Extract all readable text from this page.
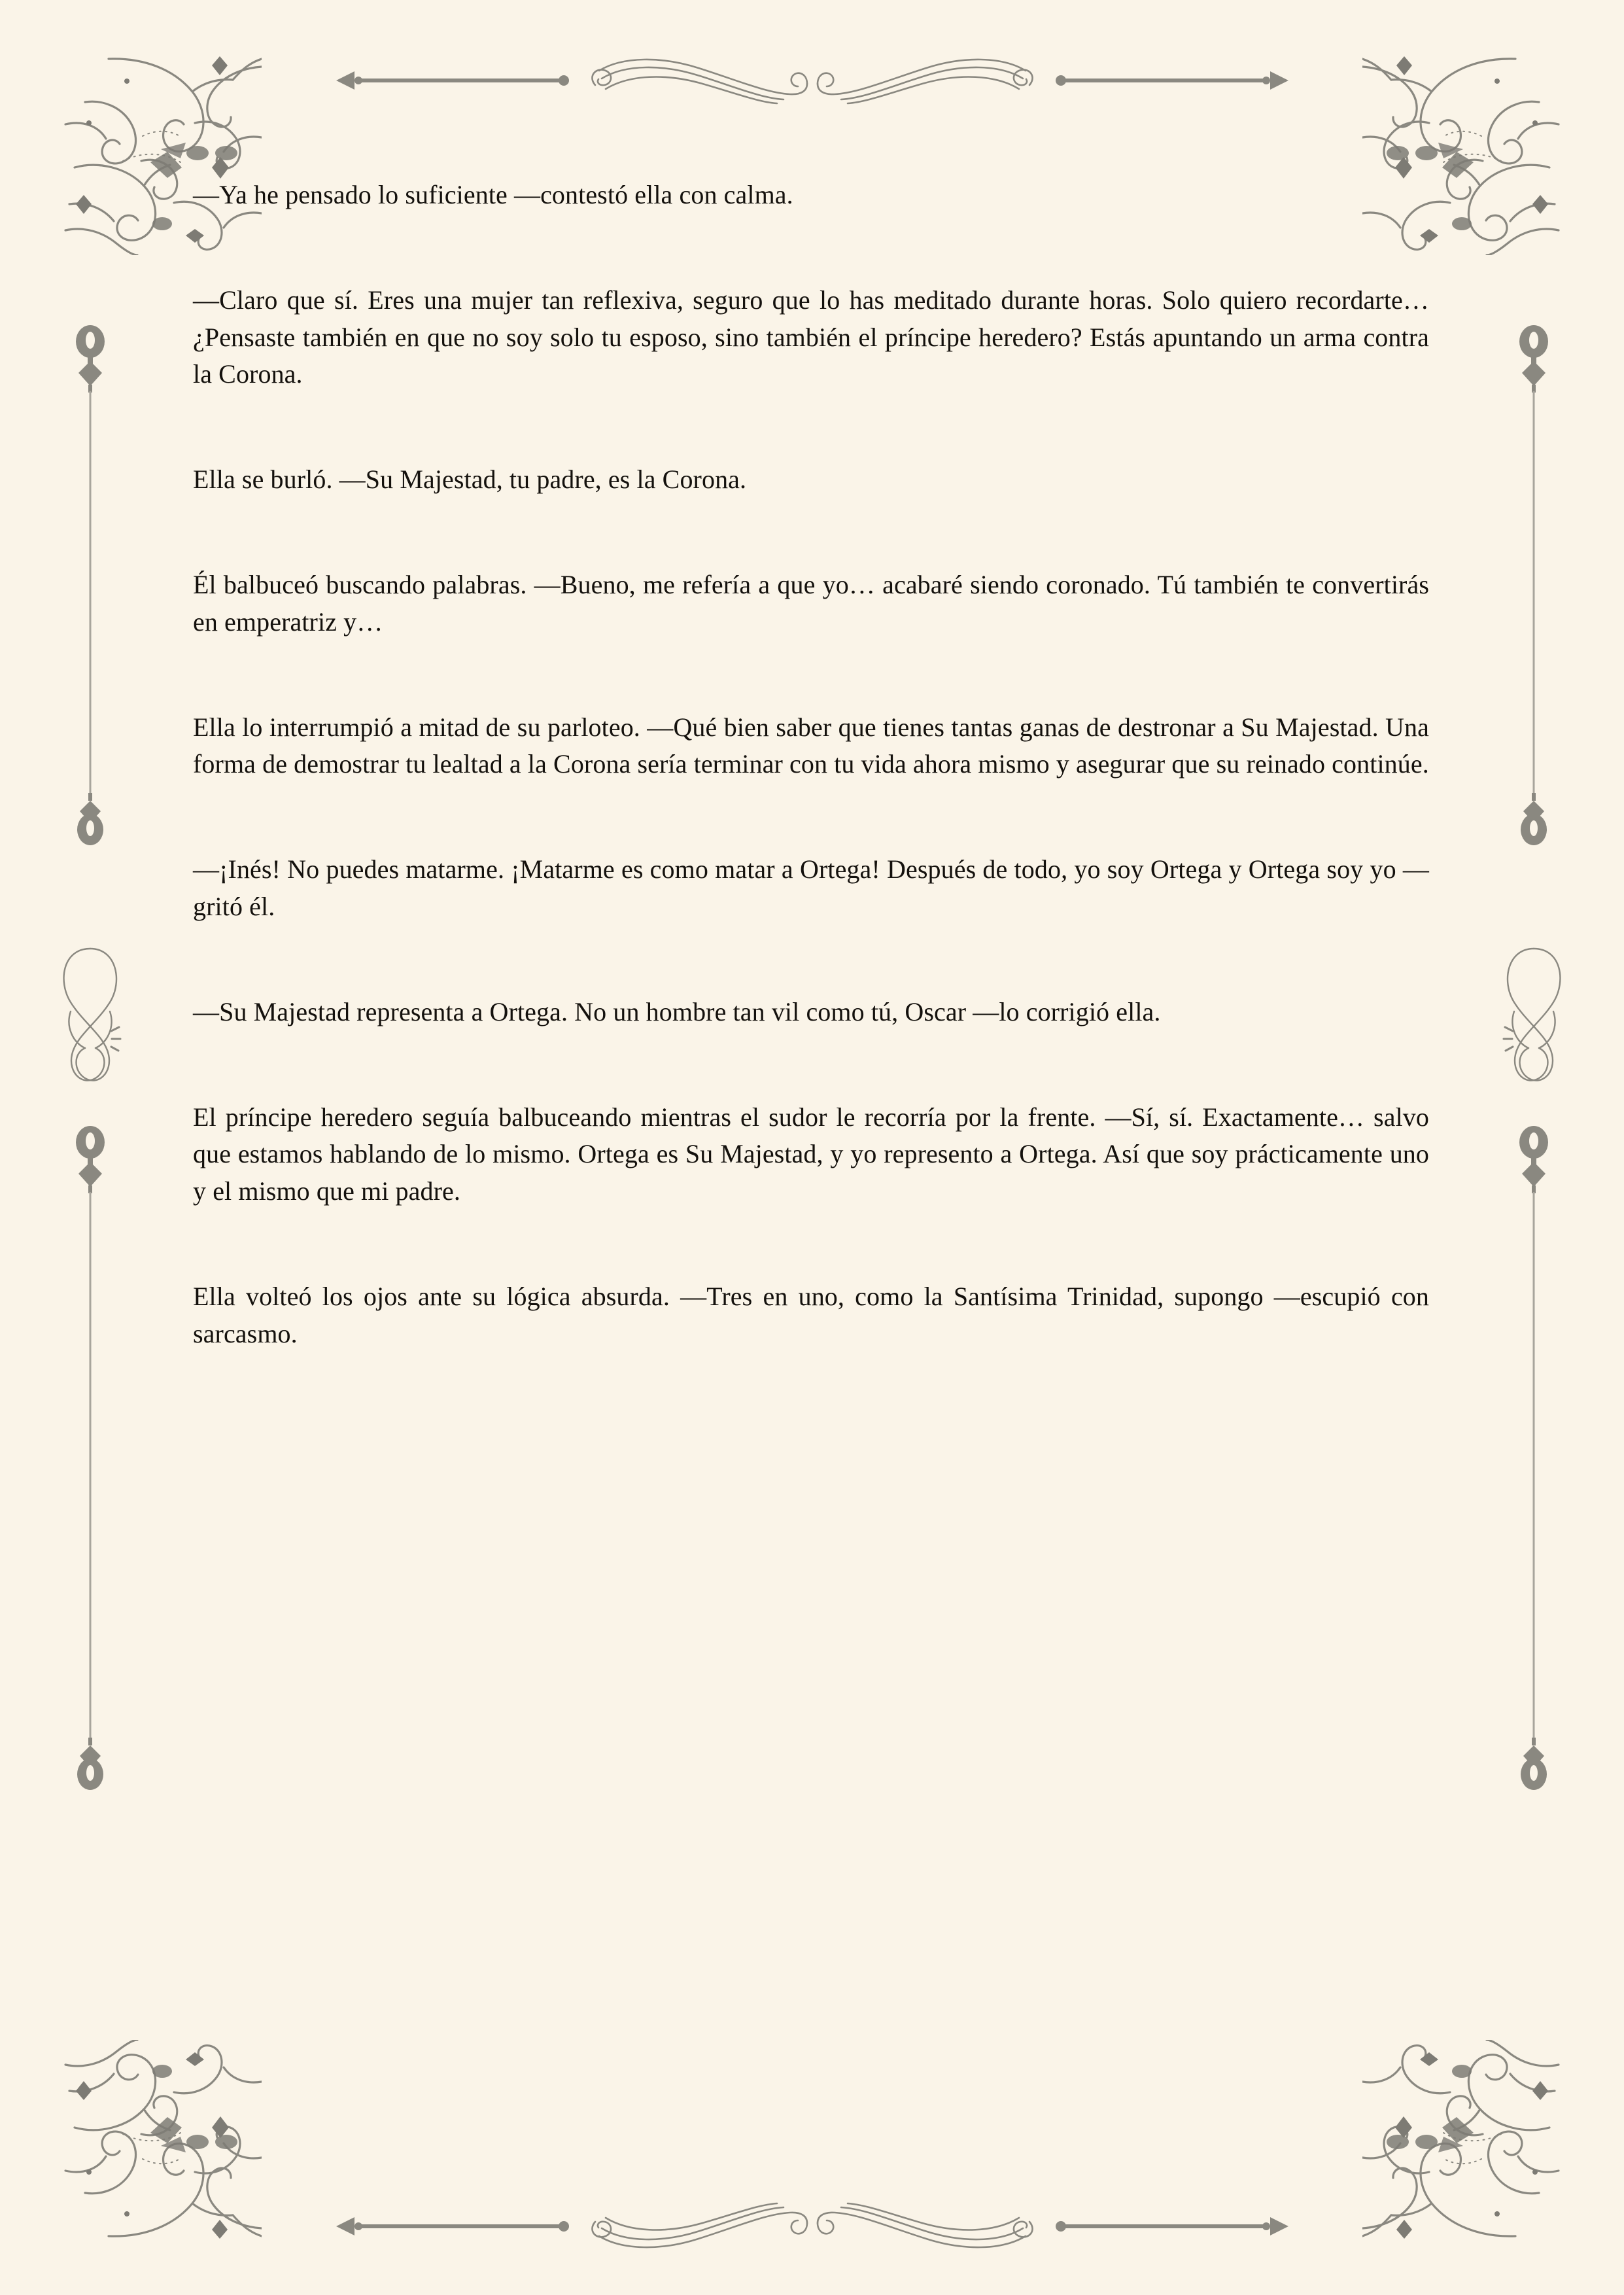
—Ya he pensado lo suficiente —contestó ella con calma.

—Claro que sí. Eres una mujer tan reflexiva, seguro que lo has meditado durante horas. Solo quiero recordarte… ¿Pensaste también en que no soy solo tu esposo, sino también el príncipe heredero? Estás apuntando un arma contra la Corona.

Ella se burló. —Su Majestad, tu padre, es la Corona.

Él balbuceó buscando palabras. —Bueno, me refería a que yo… acabaré siendo coronado. Tú también te convertirás en emperatriz y…

Ella lo interrumpió a mitad de su parloteo. —Qué bien saber que tienes tantas ganas de destronar a Su Majestad. Una forma de demostrar tu lealtad a la Corona sería terminar con tu vida ahora mismo y asegurar que su reinado continúe.

—¡Inés! No puedes matarme. ¡Matarme es como matar a Ortega! Después de todo, yo soy Ortega y Ortega soy yo —gritó él.

—Su Majestad representa a Ortega. No un hombre tan vil como tú, Oscar —lo corrigió ella.

El príncipe heredero seguía balbuceando mientras el sudor le recorría por la frente. —Sí, sí. Exactamente… salvo que estamos hablando de lo mismo. Ortega es Su Majestad, y yo represento a Ortega. Así que soy prácticamente uno y el mismo que mi padre.

Ella volteó los ojos ante su lógica absurda. —Tres en uno, como la Santísima Trinidad, supongo —escupió con sarcasmo.
